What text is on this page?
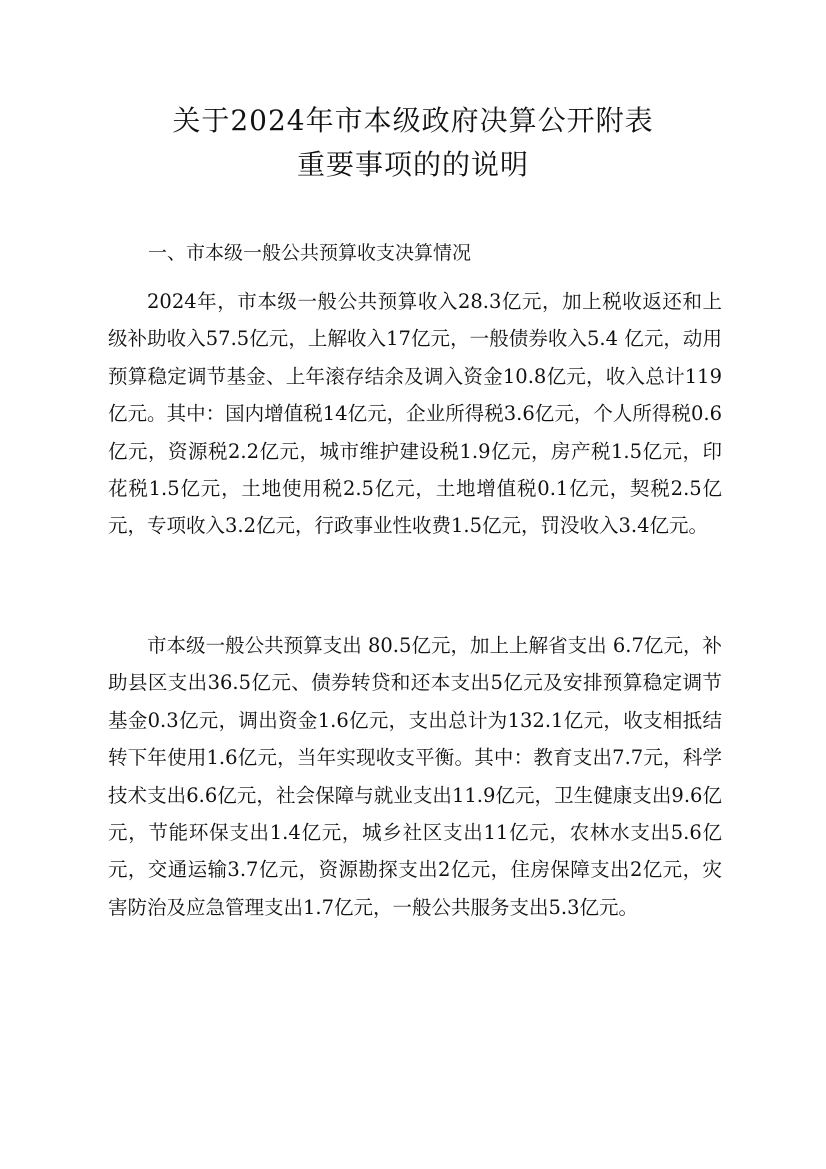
关于2024年市本级政府决算公开附表
重要事项的的说明
一、市本级一般公共预算收支决算情况

2024年，市本级一般公共预算收入28.3亿元，加上税收返还和上级补助收入57.5亿元，上解收入17亿元，一般债券收入5.4 亿元，动用预算稳定调节基金、上年滚存结余及调入资金10.8亿元，收入总计119亿元。其中：国内增值税14亿元，企业所得税3.6亿元，个人所得税0.6亿元，资源税2.2亿元，城市维护建设税1.9亿元，房产税1.5亿元，印花税1.5亿元，土地使用税2.5亿元，土地增值税0.1亿元，契税2.5亿元，专项收入3.2亿元，行政事业性收费1.5亿元，罚没收入3.4亿元。

市本级一般公共预算支出 80.5亿元，加上上解省支出 6.7亿元，补助县区支出36.5亿元、债券转贷和还本支出5亿元及安排预算稳定调节基金0.3亿元，调出资金1.6亿元，支出总计为132.1亿元，收支相抵结转下年使用1.6亿元，当年实现收支平衡。其中：教育支出7.7元，科学技术支出6.6亿元，社会保障与就业支出11.9亿元，卫生健康支出9.6亿元，节能环保支出1.4亿元，城乡社区支出11亿元，农林水支出5.6亿元，交通运输3.7亿元，资源勘探支出2亿元，住房保障支出2亿元，灾害防治及应急管理支出1.7亿元，一般公共服务支出5.3亿元。
